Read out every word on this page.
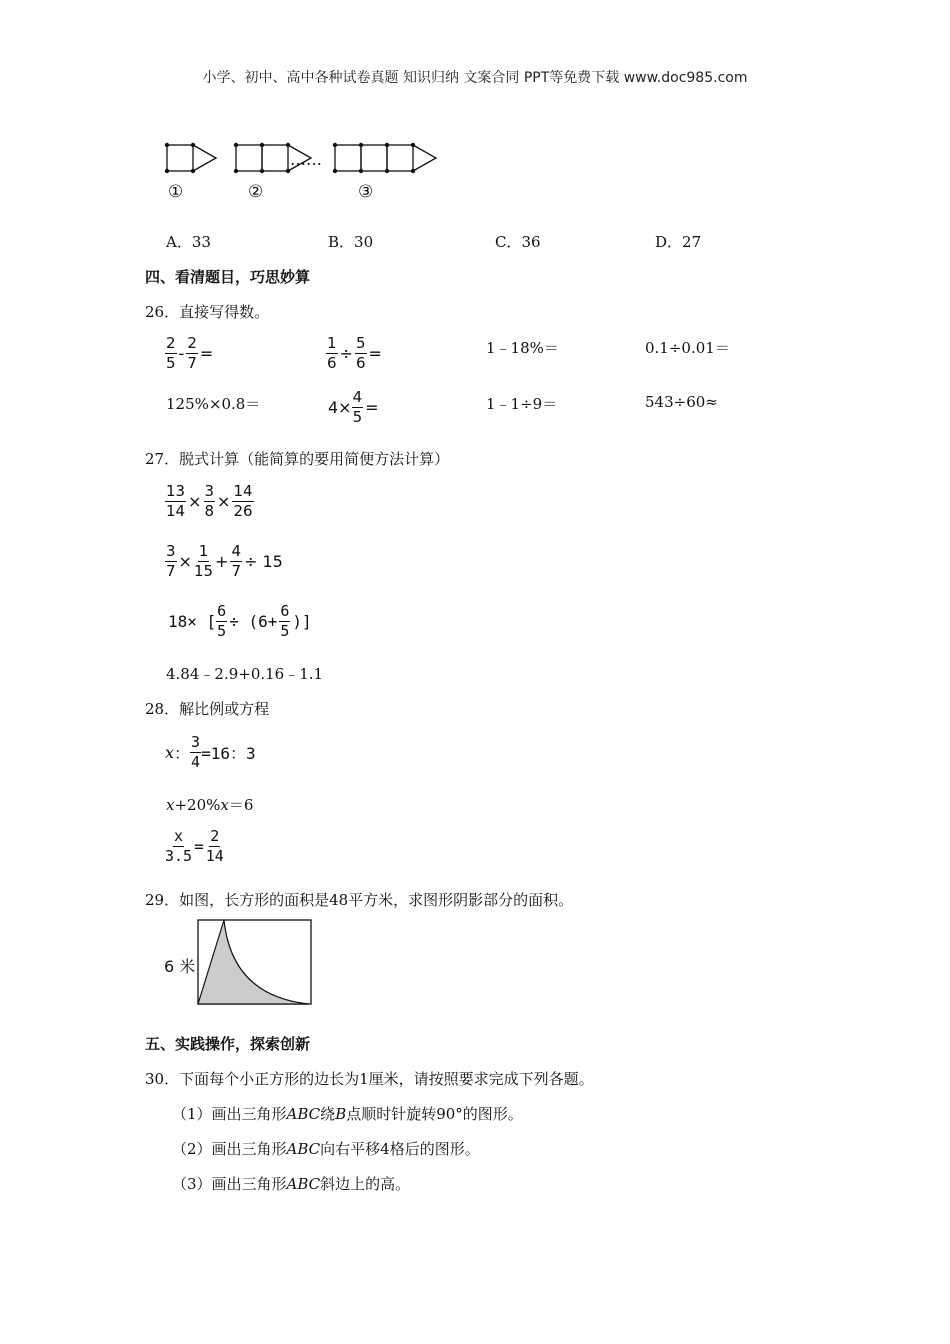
小学、初中、高中各种试卷真题 知识归纳 文案合同 PPT等免费下载 www.doc985.com
……
①	②	③
A．33	B．30	C．36	D．27
四、看清题目，巧思妙算
26．直接写得数。
$\frac{2}{5} - \frac{2}{7}$ =	$\frac{1}{6} \div \frac{5}{6}$ =	1﹣18%＝	0.1÷0.01＝
125%×0.8＝	$4\times \frac{4}{5}$ =	1﹣1÷9＝	543÷60≈
27．脱式计算（能简算的要用简便方法计算）
$\frac{13}{14} \times \frac{3}{8} \times \frac{14}{26}$
$\frac{3}{7} \times \frac{1}{15} + \frac{4}{7} \div 15$
18× [ $\frac{6}{5} \div (6+ \frac{6}{5}$ )]
4.84﹣2.9+0.16﹣1.1
28．解比例或方程
x ： $\frac{3}{4} =16$：3
x+20%x＝6
$\frac{x}{3.5} = \frac{2}{14}$
29．如图，长方形的面积是48平方米，求图形阴影部分的面积。
6 米
五、实践操作，探索创新
30．下面每个小正方形的边长为1厘米，请按照要求完成下列各题。
（1）画出三角形ABC绕B点顺时针旋转90°的图形。
（2）画出三角形ABC向右平移4格后的图形。
（3）画出三角形ABC斜边上的高。
